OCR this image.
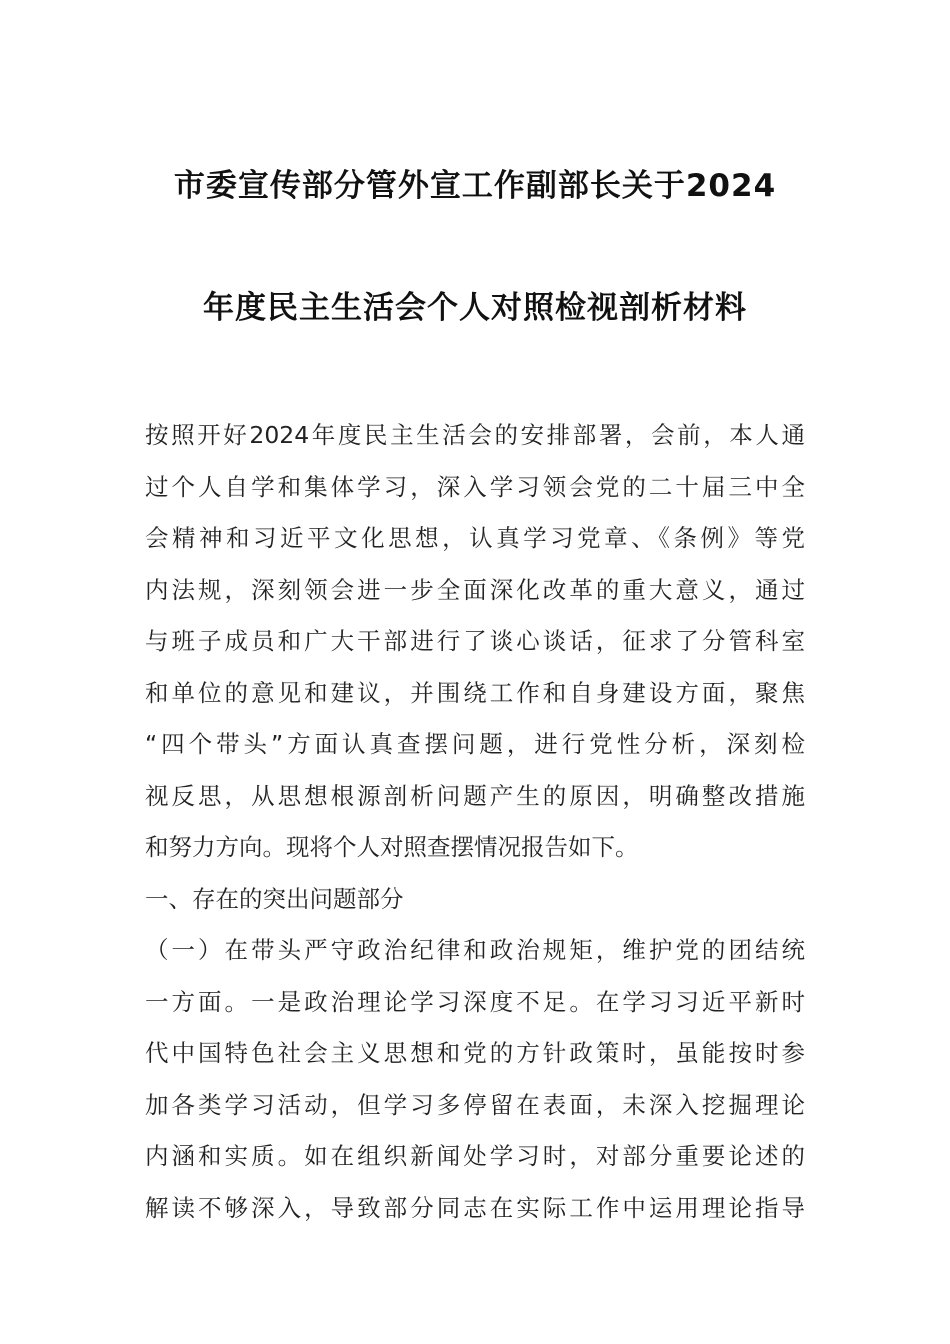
市委宣传部分管外宣工作副部长关于2024
年度民主生活会个人对照检视剖析材料
按照开好2024年度民主生活会的安排部署，会前，本人通
过个人自学和集体学习，深入学习领会党的二十届三中全
会精神和习近平文化思想，认真学习党章、《条例》等党
内法规，深刻领会进一步全面深化改革的重大意义，通过
与班子成员和广大干部进行了谈心谈话，征求了分管科室
和单位的意见和建议，并围绕工作和自身建设方面，聚焦
“四个带头”方面认真查摆问题，进行党性分析，深刻检
视反思，从思想根源剖析问题产生的原因，明确整改措施
和努力方向。现将个人对照查摆情况报告如下。
一、存在的突出问题部分
（一）在带头严守政治纪律和政治规矩，维护党的团结统
一方面。一是政治理论学习深度不足。在学习习近平新时
代中国特色社会主义思想和党的方针政策时，虽能按时参
加各类学习活动，但学习多停留在表面，未深入挖掘理论
内涵和实质。如在组织新闻处学习时，对部分重要论述的
解读不够深入，导致部分同志在实际工作中运用理论指导
